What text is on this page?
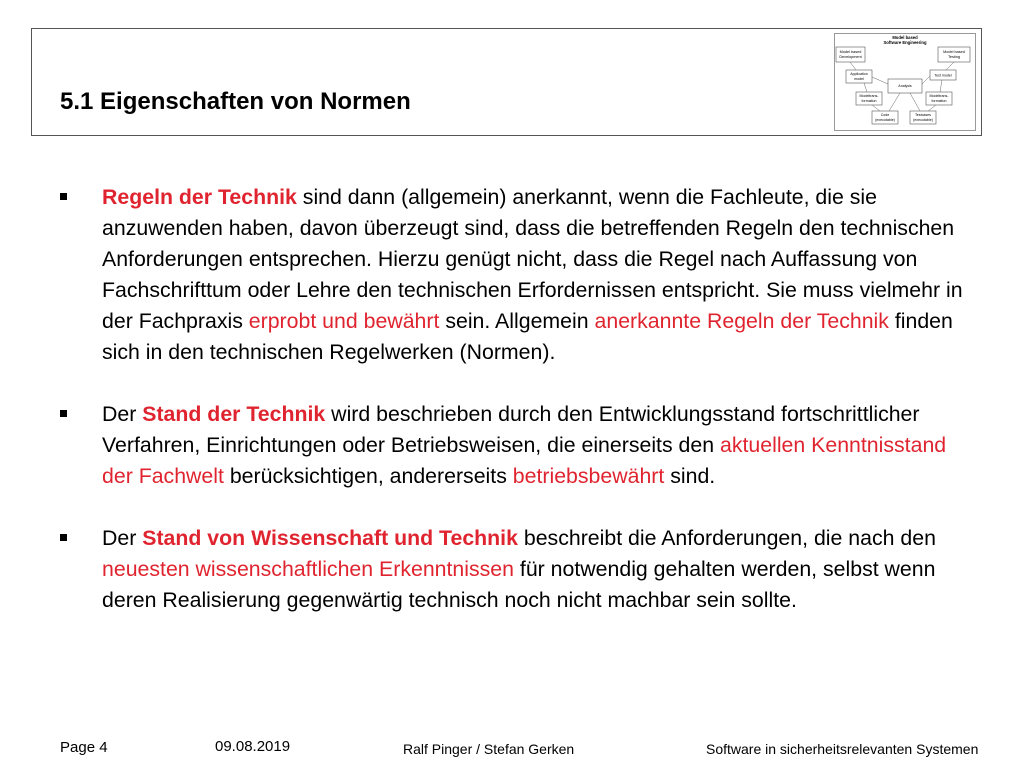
5.1 Eigenschaften von Normen
Model based
Software Engineering
Model based
Development
Model based
Testing
Application
model
Test model
Analysis
Modeltrans-
formation
Modeltrans-
formation
Code
(executable)
Testcases
(executable)
Regeln der Technik sind dann (allgemein) anerkannt, wenn die Fachleute, die sie anzuwenden haben, davon überzeugt sind, dass die betreffenden Regeln den technischen Anforderungen entsprechen. Hierzu genügt nicht, dass die Regel nach Auffassung von Fachschrifttum oder Lehre den technischen Erfordernissen entspricht. Sie muss vielmehr in der Fachpraxis erprobt und bewährt sein. Allgemein anerkannte Regeln der Technik finden sich in den technischen Regelwerken (Normen).
Der Stand der Technik wird beschrieben durch den Entwicklungsstand fortschrittlicher Verfahren, Einrichtungen oder Betriebsweisen, die einerseits den aktuellen Kenntnisstand der Fachwelt berücksichtigen, andererseits betriebsbewährt sind.
Der Stand von Wissenschaft und Technik beschreibt die Anforderungen, die nach den neuesten wissenschaftlichen Erkenntnissen für notwendig gehalten werden, selbst wenn deren Realisierung gegenwärtig technisch noch nicht machbar sein sollte.
Page 4	09.08.2019	Ralf Pinger / Stefan Gerken	Software in sicherheitsrelevanten Systemen
